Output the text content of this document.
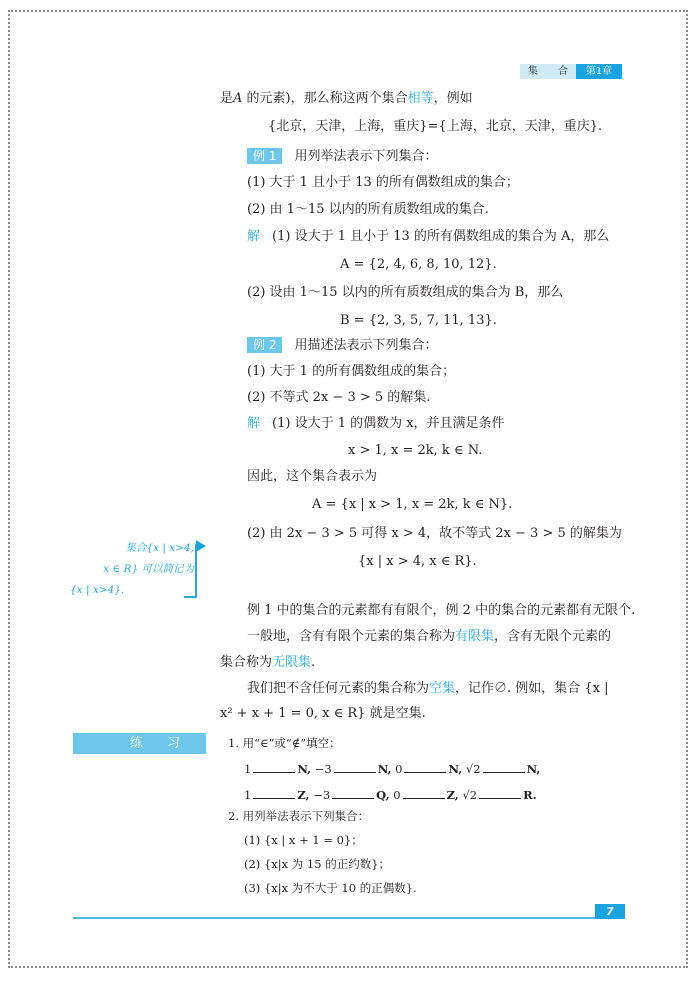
集 合	第1章
是A 的元素)，那么称这两个集合相等，例如
{北京，天津，上海，重庆}={上海，北京，天津，重庆}.
例 1 用列举法表示下列集合：
(1) 大于 1 且小于 13 的所有偶数组成的集合；
(2) 由 1～15 以内的所有质数组成的集合.
解 (1) 设大于 1 且小于 13 的所有偶数组成的集合为 A，那么
A = {2, 4, 6, 8, 10, 12}.
(2) 设由 1～15 以内的所有质数组成的集合为 B，那么
B = {2, 3, 5, 7, 11, 13}.
例 2 用描述法表示下列集合：
(1) 大于 1 的所有偶数组成的集合；
(2) 不等式 2x − 3 > 5 的解集.
解 (1) 设大于 1 的偶数为 x，并且满足条件
x > 1, x = 2k, k ∈ N.
因此，这个集合表示为
A = {x | x > 1, x = 2k, k ∈ N}.
(2) 由 2x − 3 > 5 可得 x > 4，故不等式 2x − 3 > 5 的解集为
{x | x > 4, x ∈ R}.
集合{x | x>4,
x ∈ R} 可以简记为
{x | x>4}.
例 1 中的集合的元素都有有限个，例 2 中的集合的元素都有无限个.
一般地，含有有限个元素的集合称为有限集，含有无限个元素的
集合称为无限集.
我们把不含任何元素的集合称为空集，记作∅. 例如，集合 {x |
x² + x + 1 = 0, x ∈ R} 就是空集.
练 习	1. 用“∈”或“∉”填空：
1	N, −3	N, 0	N, √2	N,
1	Z, −3	Q, 0	Z, √2	R.
2. 用列举法表示下列集合：
(1) {x | x + 1 = 0}；
(2) {x|x 为 15 的正约数}；
(3) {x|x 为不大于 10 的正偶数}.
7
